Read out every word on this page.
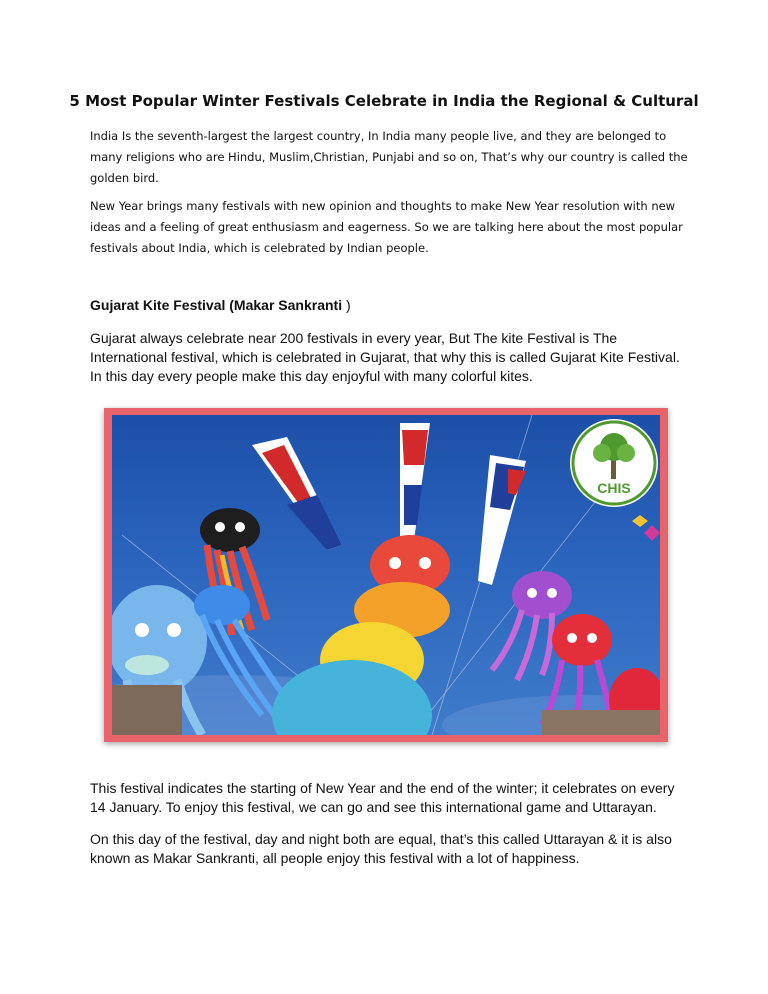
5 Most Popular Winter Festivals Celebrate in India the Regional & Cultural

India Is the seventh-largest the largest country, In India many people live, and they are belonged to many religions who are Hindu, Muslim,Christian, Punjabi and so on, That’s why our country is called the golden bird.

New Year brings many festivals with new opinion and thoughts to make New Year resolution with new ideas and a feeling of great enthusiasm and eagerness. So we are talking here about the most popular festivals about India, which is celebrated by Indian people.

Gujarat Kite Festival (Makar Sankranti )

Gujarat always celebrate near 200 festivals in every year, But The kite Festival is The International festival, which is celebrated in Gujarat, that why this is called Gujarat Kite Festival. In this day every people make this day enjoyful with many colorful kites.

CHIS

This festival indicates the starting of New Year and the end of the winter; it celebrates on every 14 January. To enjoy this festival, we can go and see this international game and Uttarayan.

On this day of the festival, day and night both are equal, that’s this called Uttarayan & it is also known as Makar Sankranti, all people enjoy this festival with a lot of happiness.
